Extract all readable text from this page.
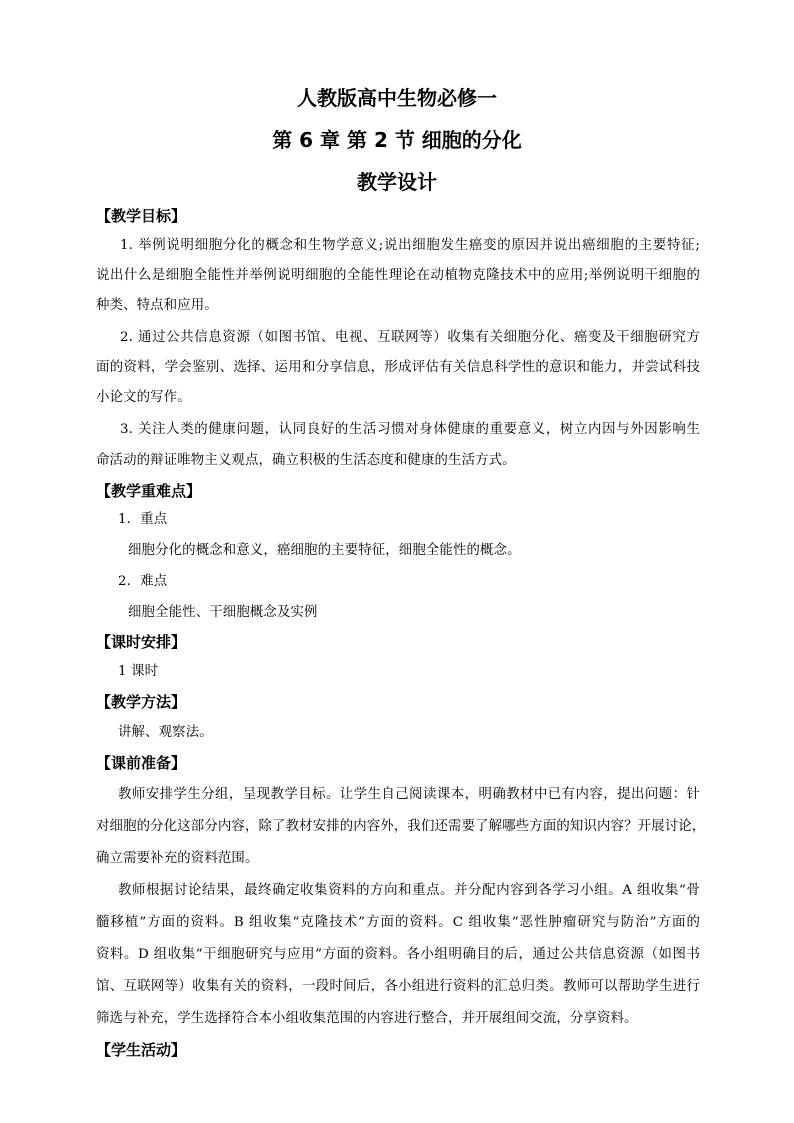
人教版高中生物必修一
第 6 章 第 2 节 细胞的分化
教学设计
【教学目标】
1. 举例说明细胞分化的概念和生物学意义;说出细胞发生癌变的原因并说出癌细胞的主要特征;
说出什么是细胞全能性并举例说明细胞的全能性理论在动植物克隆技术中的应用;举例说明干细胞的
种类、特点和应用。
2. 通过公共信息资源（如图书馆、电视、互联网等）收集有关细胞分化、癌变及干细胞研究方
面的资料，学会鉴别、选择、运用和分享信息，形成评估有关信息科学性的意识和能力，并尝试科技
小论文的写作。
3. 关注人类的健康问题，认同良好的生活习惯对身体健康的重要意义，树立内因与外因影响生
命活动的辩证唯物主义观点，确立积极的生活态度和健康的生活方式。
【教学重难点】
1．重点
细胞分化的概念和意义，癌细胞的主要特征，细胞全能性的概念。
2．难点
细胞全能性、干细胞概念及实例
【课时安排】
1 课时
【教学方法】
讲解、观察法。
【课前准备】
教师安排学生分组，呈现教学目标。让学生自己阅读课本，明确教材中已有内容，提出问题：针
对细胞的分化这部分内容，除了教材安排的内容外，我们还需要了解哪些方面的知识内容？开展讨论，
确立需要补充的资料范围。
教师根据讨论结果，最终确定收集资料的方向和重点。并分配内容到各学习小组。A 组收集“骨
髓移植”方面的资料。B 组收集“克隆技术”方面的资料。C 组收集“恶性肿瘤研究与防治”方面的
资料。D 组收集“干细胞研究与应用”方面的资料。各小组明确目的后，通过公共信息资源（如图书
馆、互联网等）收集有关的资料，一段时间后，各小组进行资料的汇总归类。教师可以帮助学生进行
筛选与补充，学生选择符合本小组收集范围的内容进行整合，并开展组间交流，分享资料。
【学生活动】
